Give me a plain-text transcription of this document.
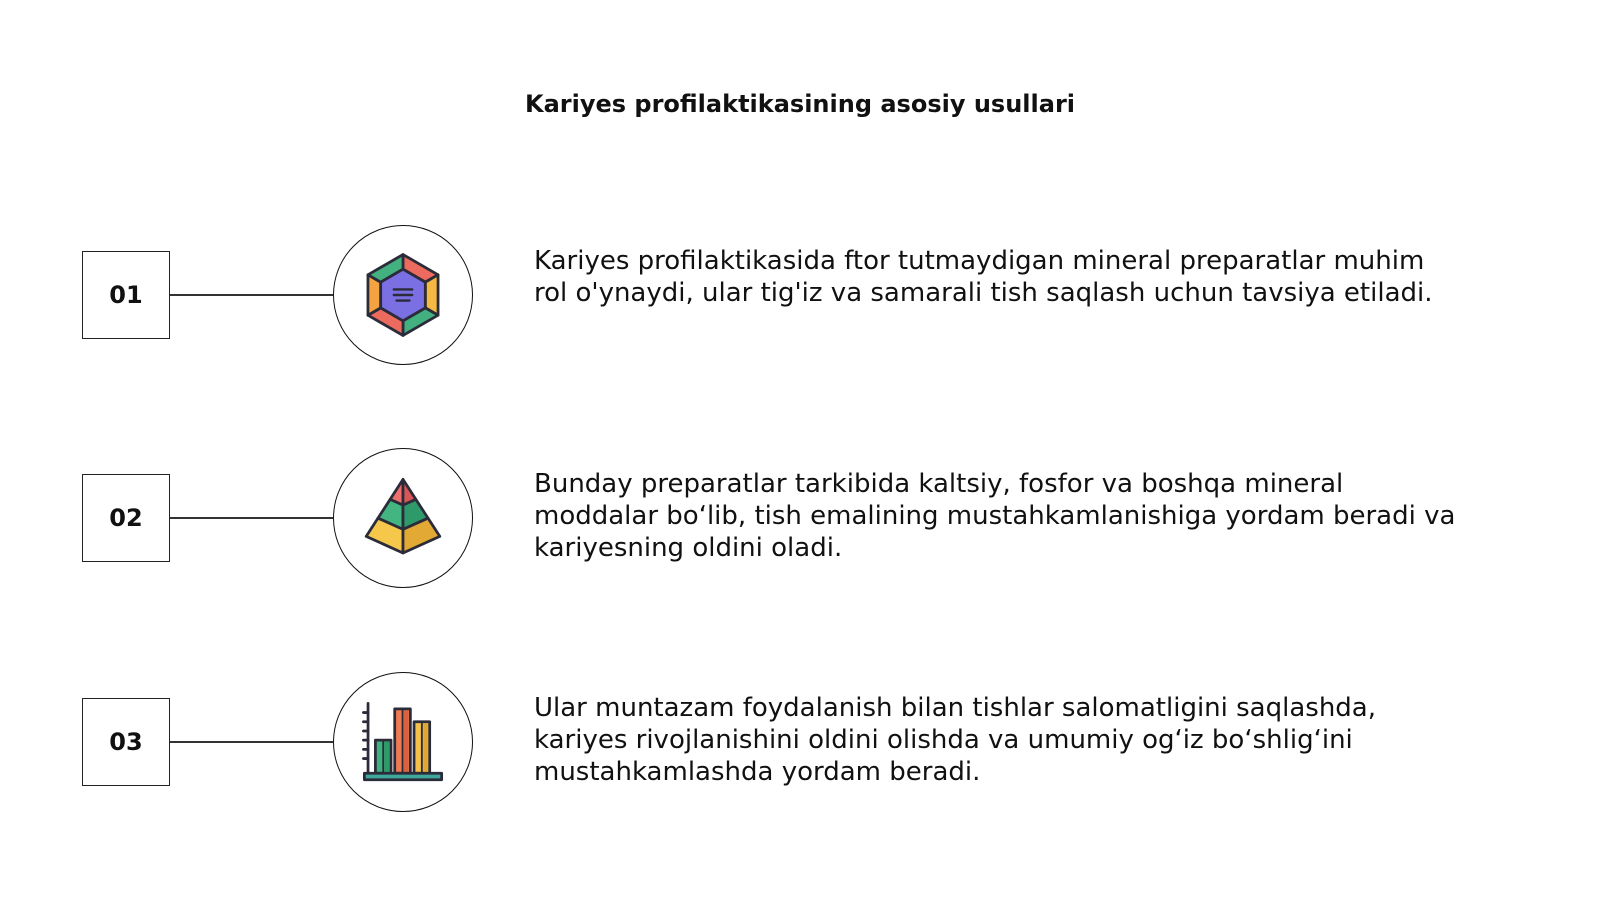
Kariyes profilaktikasining asosiy usullari
01
Kariyes profilaktikasida ftor tutmaydigan mineral preparatlar muhim
rol o'ynaydi, ular tig'iz va samarali tish saqlash uchun tavsiya etiladi.
02
Bunday preparatlar tarkibida kaltsiy, fosfor va boshqa mineral
moddalar bo‘lib, tish emalining mustahkamlanishiga yordam beradi va
kariyesning oldini oladi.
03
Ular muntazam foydalanish bilan tishlar salomatligini saqlashda,
kariyes rivojlanishini oldini olishda va umumiy og‘iz bo‘shlig‘ini
mustahkamlashda yordam beradi.
